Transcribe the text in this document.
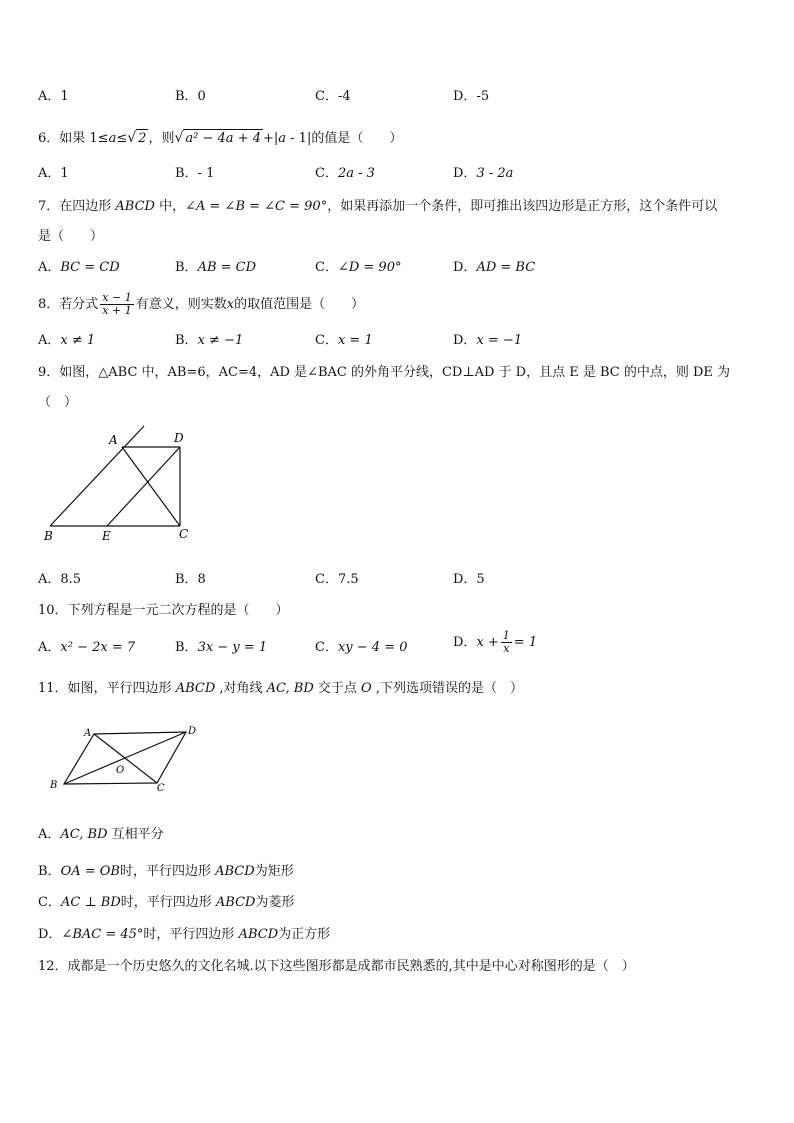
A．1	B．0	C．-4	D．-5
6．如果 1≤a≤√ 2 ，则√ a² − 4a + 4 +|a - 1|的值是（　　）
A．1	B．- 1	C．2a - 3	D．3 - 2a
7．在四边形 ABCD 中，∠A = ∠B = ∠C = 90°，如果再添加一个条件，即可推出该四边形是正方形，这个条件可以
是（　　）
A．BC = CD	B．AB = CD	C．∠D = 90°	D．AD = BC
8．若分式 $\frac{x - 1}{x + 1}$ 有意义，则实数x的取值范围是（　　）
A．x ≠ 1	B．x ≠ −1	C．x = 1	D．x = −1
9．如图，△ABC 中，AB=6，AC=4，AD 是∠BAC 的外角平分线，CD⊥AD 于 D，且点 E 是 BC 的中点，则 DE 为
（　）
A	D
B	E	C
A．8.5	B．8	C．7.5	D．5
10．下列方程是一元二次方程的是（　　）
A．x² − 2x = 7	B．3x − y = 1	C．xy − 4 = 0	D．$x + \frac{1}{x} = 1$
11．如图，平行四边形 ABCD ,对角线 AC, BD 交于点 O ,下列选项错误的是（　）
A	D
O
B	C
A．AC, BD 互相平分
B．OA = OB时，平行四边形 ABCD为矩形
C．AC ⊥ BD时，平行四边形 ABCD为菱形
D．∠BAC = 45°时，平行四边形 ABCD为正方形
12．成都是一个历史悠久的文化名城.以下这些图形都是成都市民熟悉的,其中是中心对称图形的是（　）
